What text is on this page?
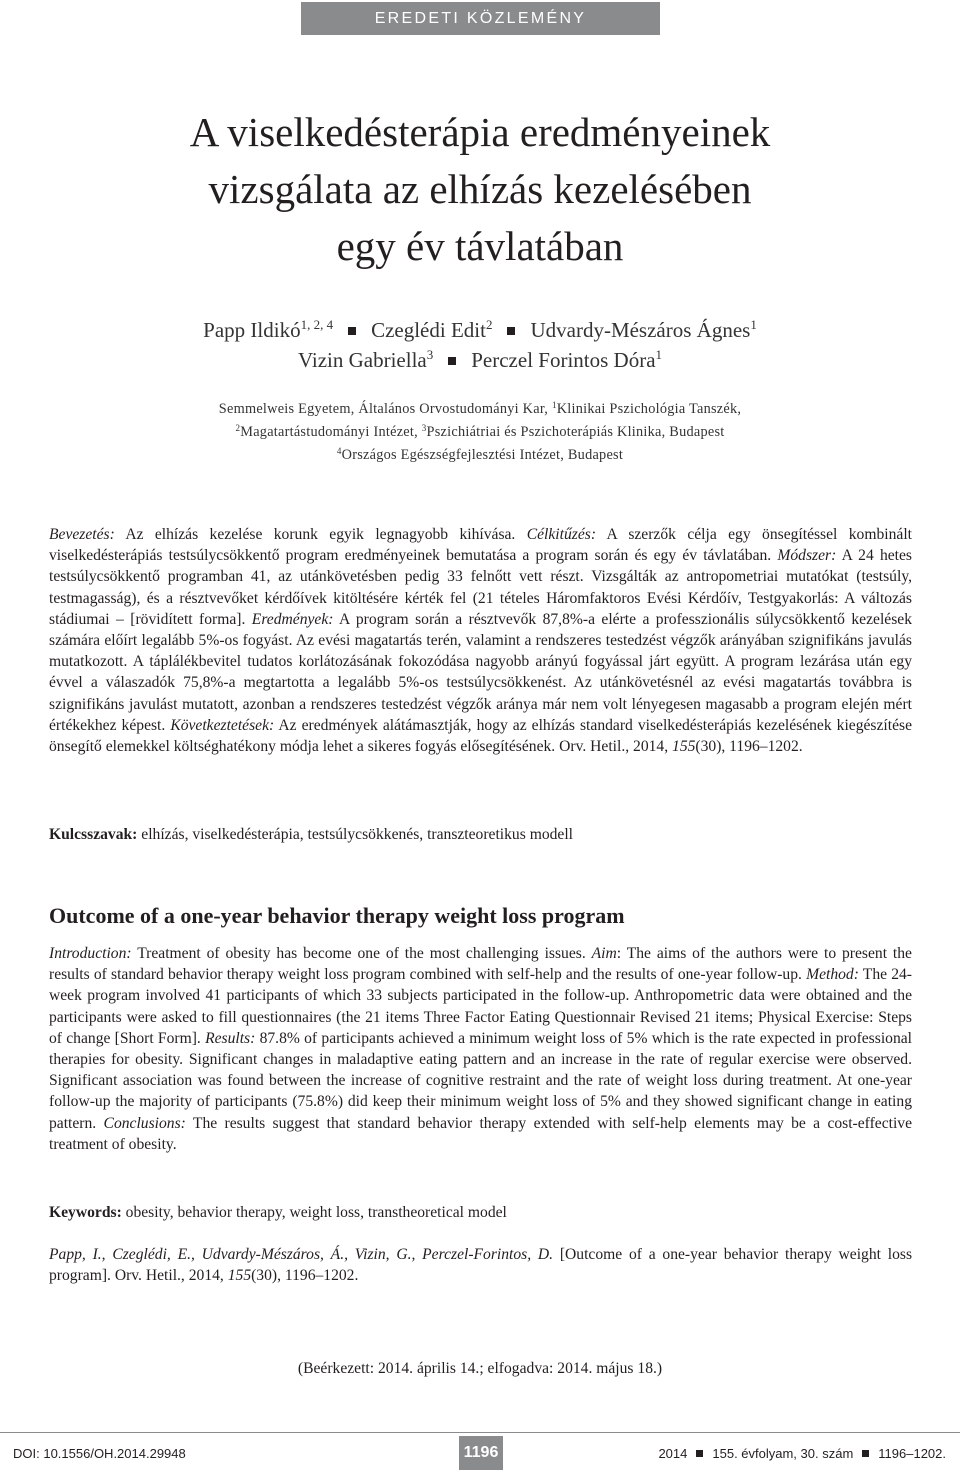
EREDETI KÖZLEMÉNY
A viselkedésterápia eredményeinek
vizsgálata az elhízás kezelésében
egy év távlatában
Papp Ildikó$^{1, 2, 4}$ Czeglédi Edit$^2$ Udvardy-Mészáros Ágnes$^1$
Vizin Gabriella$^3$ Perczel Forintos Dóra$^1$
Semmelweis Egyetem, Általános Orvostudományi Kar, $^1$Klinikai Pszichológia Tanszék,
$^2$Magatartástudományi Intézet, $^3$Pszichiátriai és Pszichoterápiás Klinika, Budapest
$^4$Országos Egészségfejlesztési Intézet, Budapest

Bevezetés: Az elhízás kezelése korunk egyik legnagyobb kihívása. Célkitűzés: A szerzők célja egy önsegítéssel kombinált viselkedésterápiás testsúlycsökkentő program eredményeinek bemutatása a program során és egy év távlatában. Módszer: A 24 hetes testsúlycsökkentő programban 41, az utánkövetésben pedig 33 felnőtt vett részt. Vizsgálták az antropometriai mutatókat (testsúly, testmagasság), és a résztvevőket kérdőívek kitöltésére kérték fel (21 tételes Háromfaktoros Evési Kérdőív, Testgyakorlás: A változás stádiumai – [rövidített forma]. Eredmények: A program során a résztvevők 87,8%-a elérte a professzionális súlycsökkentő kezelések számára előírt legalább 5%-os fogyást. Az evési magatartás terén, valamint a rendszeres testedzést végzők arányában szignifikáns javulás mutatkozott. A táplálékbevitel tudatos korlátozásának fokozódása nagyobb arányú fogyással járt együtt. A program lezárása után egy évvel a válaszadók 75,8%-a megtartotta a legalább 5%-os testsúlycsökkenést. Az utánkövetésnél az evési magatartás továbbra is szignifikáns javulást mutatott, azonban a rendszeres testedzést végzők aránya már nem volt lényegesen magasabb a program elején mért értékekhez képest. Következtetések: Az eredmények alátámasztják, hogy az elhízás standard viselkedésterápiás kezelésének kiegészítése önsegítő elemekkel költséghatékony módja lehet a sikeres fogyás elősegítésének. Orv. Hetil., 2014, 155(30), 1196–1202.

Kulcsszavak: elhízás, viselkedésterápia, testsúlycsökkenés, transzteoretikus modell
Outcome of a one-year behavior therapy weight loss program

Introduction: Treatment of obesity has become one of the most challenging issues. Aim: The aims of the authors were to present the results of standard behavior therapy weight loss program combined with self-help and the results of one-year follow-up. Method: The 24-week program involved 41 participants of which 33 subjects participated in the follow-up. Anthropometric data were obtained and the participants were asked to fill questionnaires (the 21 items Three Factor Eating Questionnair Revised 21 items; Physical Exercise: Steps of change [Short Form]. Results: 87.8% of participants achieved a minimum weight loss of 5% which is the rate expected in professional therapies for obesity. Significant changes in maladaptive eating pattern and an increase in the rate of regular exercise were observed. Significant association was found between the increase of cognitive restraint and the rate of weight loss during treatment. At one-year follow-up the majority of participants (75.8%) did keep their minimum weight loss of 5% and they showed significant change in eating pattern. Conclusions: The results suggest that standard behavior therapy extended with self-help elements may be a cost-effective treatment of obesity.

Keywords: obesity, behavior therapy, weight loss, transtheoretical model

Papp, I., Czeglédi, E., Udvardy-Mészáros, Á., Vizin, G., Perczel-Forintos, D. [Outcome of a one-year behavior therapy weight loss program]. Orv. Hetil., 2014, 155(30), 1196–1202.

(Beérkezett: 2014. április 14.; elfogadva: 2014. május 18.)
DOI: 10.1556/OH.2014.29948	1196	2014 155. évfolyam, 30. szám 1196–1202.
